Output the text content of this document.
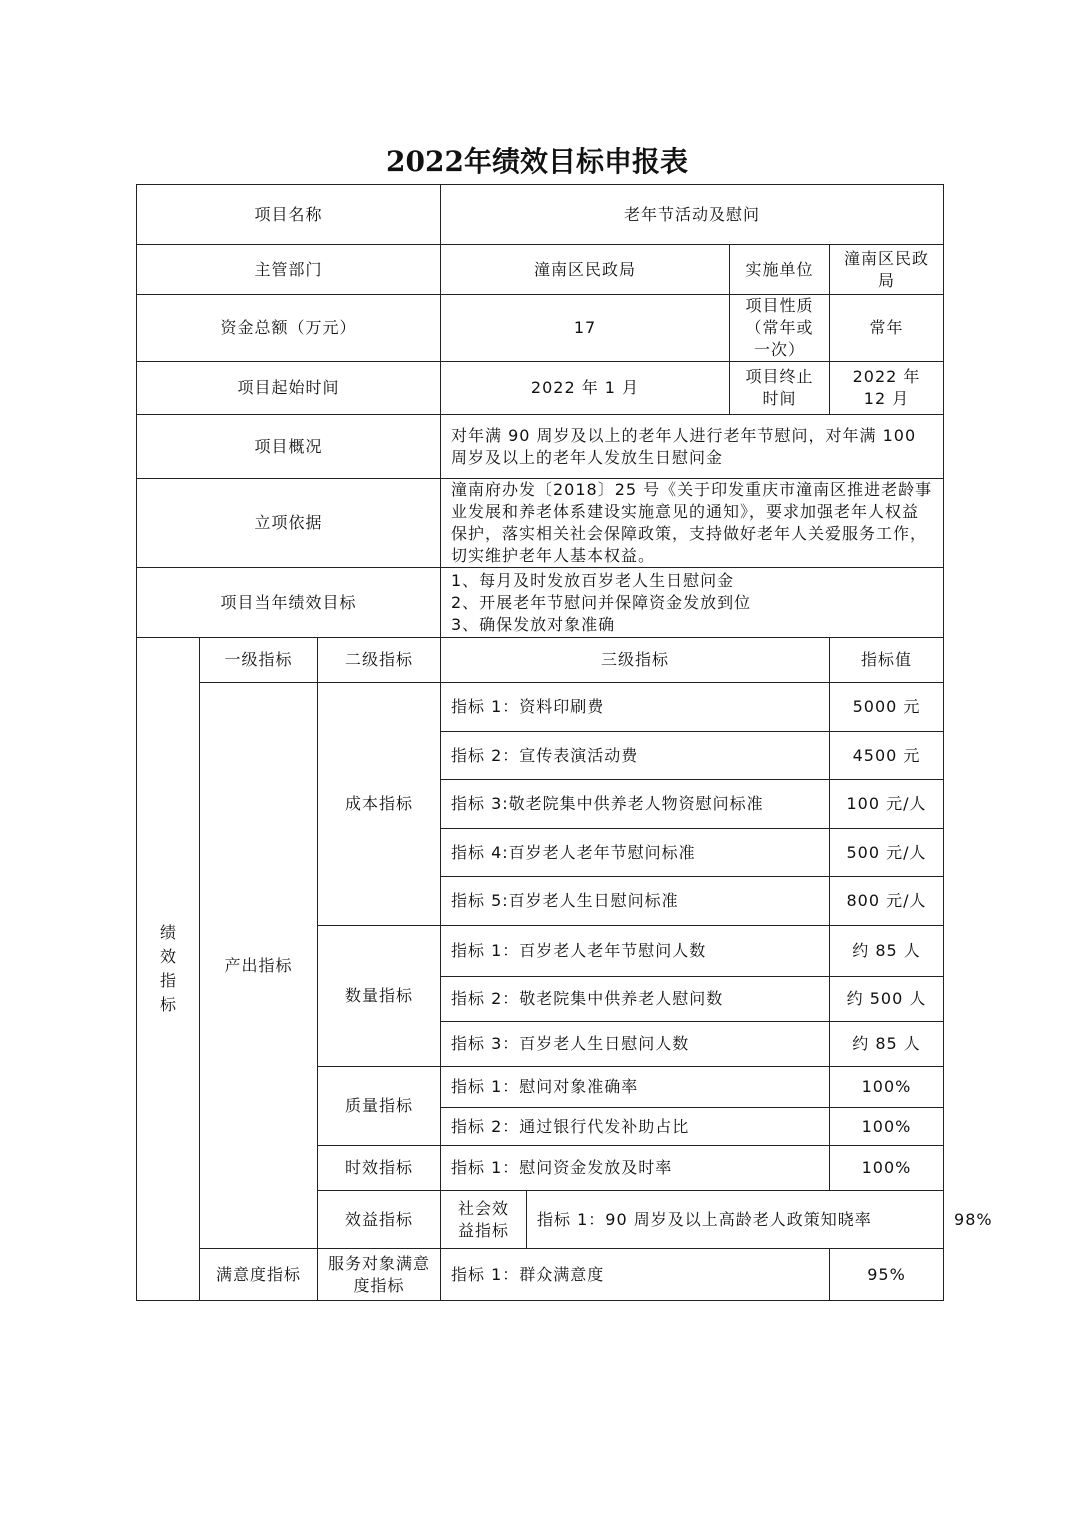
2022年绩效目标申报表
项目名称			老年节活动及慰问				
主管部门			潼南区民政局		实施单位	潼南区民政局	
资金总额（万元）			17		项目性质（常年或一次）	常年	
项目起始时间			2022 年 1 月		项目终止时间	2022 年 12 月	
项目概况			对年满 90 周岁及以上的老年人进行老年节慰问，对年满 100 周岁及以上的老年人发放生日慰问金				
立项依据			潼南府办发〔2018〕25 号《关于印发重庆市潼南区推进老龄事业发展和养老体系建设实施意见的通知》，要求加强老年人权益保护，落实相关社会保障政策，支持做好老年人关爱服务工作，切实维护老年人基本权益。				
项目当年绩效目标			1、每月及时发放百岁老人生日慰问金
2、开展老年节慰问并保障资金发放到位
3、确保发放对象准确				

绩效指标	一级指标	二级指标	三级指标			指标值	
	产出指标	成本指标	指标 1：资料印刷费			5000 元	
			指标 2：宣传表演活动费			4500 元	
			指标 3:敬老院集中供养老人物资慰问标准			100 元/人	
			指标 4:百岁老人老年节慰问标准			500 元/人	
			指标 5:百岁老人生日慰问标准			800 元/人	
		数量指标	指标 1：百岁老人老年节慰问人数			约 85 人	
			指标 2：敬老院集中供养老人慰问数			约 500 人	
			指标 3：百岁老人生日慰问人数			约 85 人	
		质量指标	指标 1：慰问对象准确率			100%	
			指标 2：通过银行代发补助占比			100%	
		时效指标	指标 1：慰问资金发放及时率			100%	
		效益指标	社会效益指标	指标 1：90 周岁及以上高龄老人政策知晓率			98%
	满意度指标	服务对象满意度指标	指标 1：群众满意度			95%	
